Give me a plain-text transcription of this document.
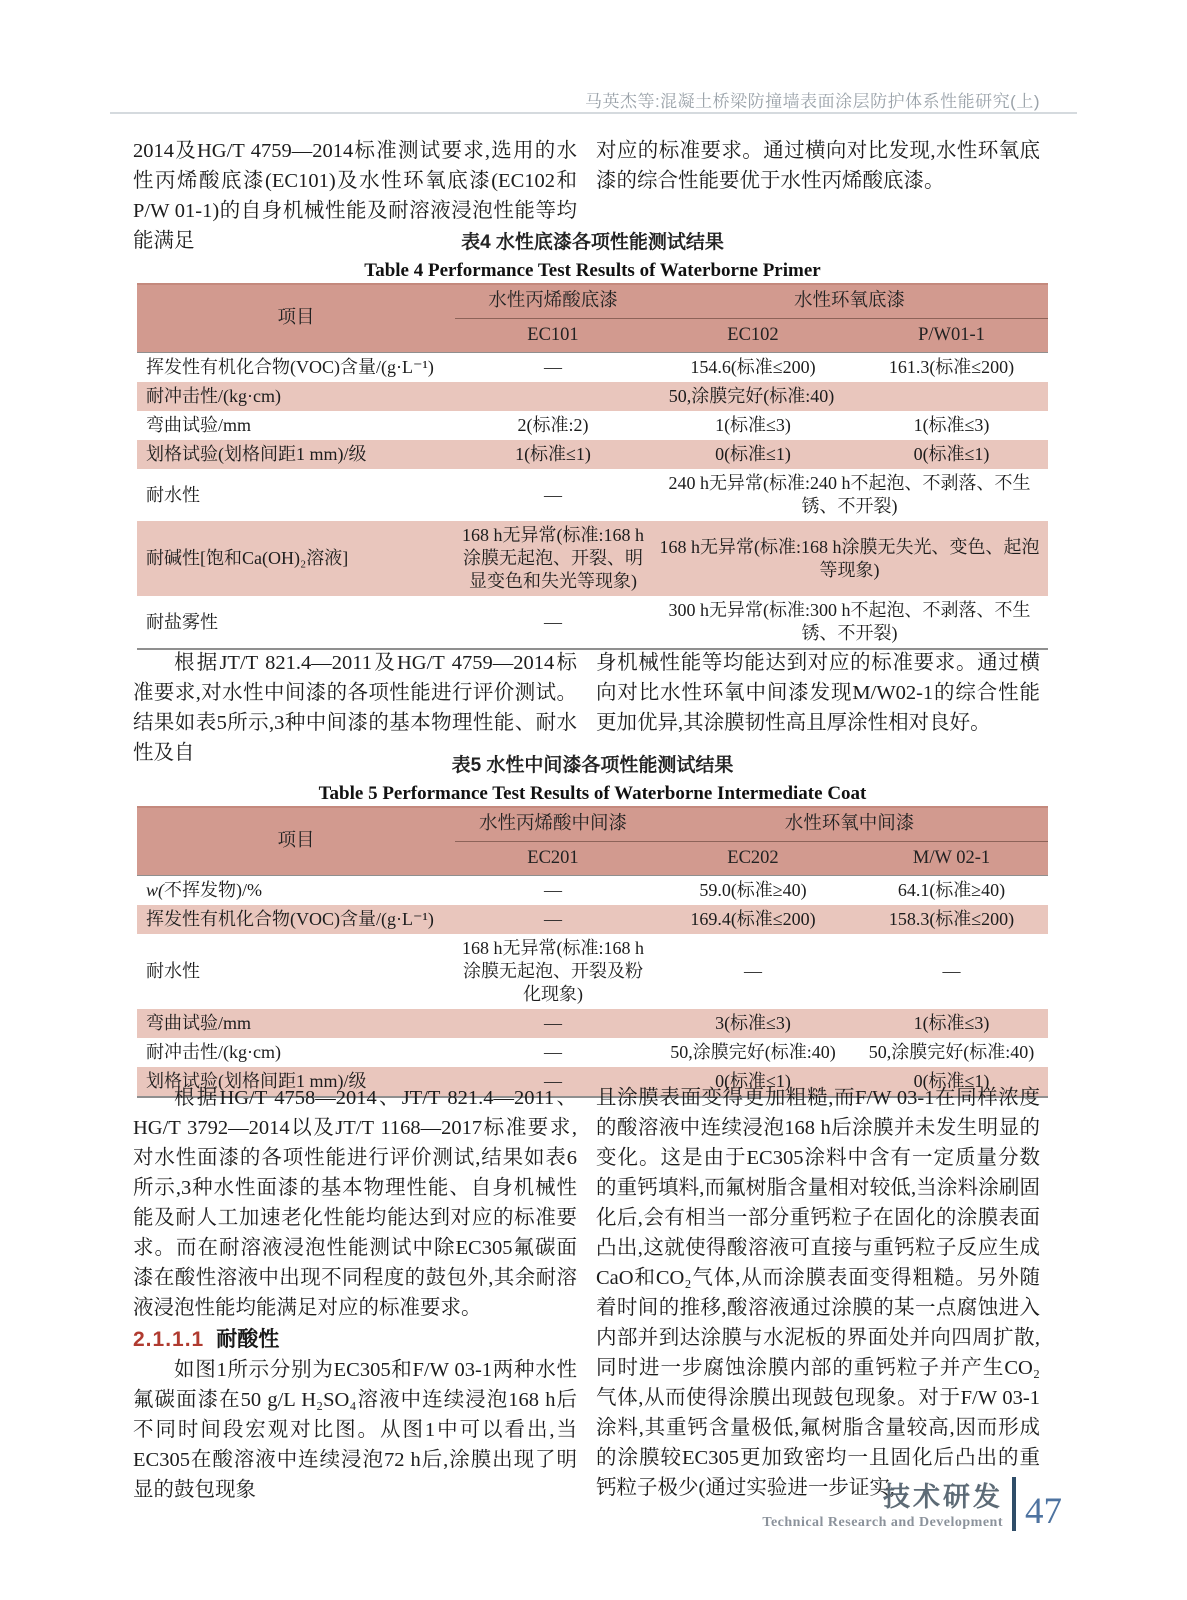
马英杰等:混凝土桥梁防撞墙表面涂层防护体系性能研究(上)

2014及HG/T 4759—2014标准测试要求,选用的水性丙烯酸底漆(EC101)及水性环氧底漆(EC102和P/W 01-1)的自身机械性能及耐溶液浸泡性能等均能满足

对应的标准要求。通过横向对比发现,水性环氧底漆的综合性能要优于水性丙烯酸底漆。

表4 水性底漆各项性能测试结果
Table 4 Performance Test Results of Waterborne Primer
项目	水性丙烯酸底漆	水性环氧底漆	
	EC101	EC102	P/W01-1
挥发性有机化合物(VOC)含量/(g·L⁻¹)	—	154.6(标准≤200)	161.3(标准≤200)
耐冲击性/(kg·cm)	50,涂膜完好(标准:40)		
弯曲试验/mm	2(标准:2)	1(标准≤3)	1(标准≤3)
划格试验(划格间距1 mm)/级	1(标准≤1)	0(标准≤1)	0(标准≤1)
耐水性	—	240 h无异常(标准:240 h不起泡、不剥落、不生锈、不开裂)	
耐碱性[饱和Ca(OH)₂溶液]	168 h无异常(标准:168 h涂膜无起泡、开裂、明显变色和失光等现象)	168 h无异常(标准:168 h涂膜无失光、变色、起泡等现象)	
耐盐雾性	—	300 h无异常(标准:300 h不起泡、不剥落、不生锈、不开裂)	

根据JT/T 821.4—2011及HG/T 4759—2014标准要求,对水性中间漆的各项性能进行评价测试。结果如表5所示,3种中间漆的基本物理性能、耐水性及自

身机械性能等均能达到对应的标准要求。通过横向对比水性环氧中间漆发现M/W02-1的综合性能更加优异,其涂膜韧性高且厚涂性相对良好。

表5 水性中间漆各项性能测试结果
Table 5 Performance Test Results of Waterborne Intermediate Coat
项目	水性丙烯酸中间漆	水性环氧中间漆	
	EC201	EC202	M/W 02-1
w(不挥发物)/%	—	59.0(标准≥40)	64.1(标准≥40)
挥发性有机化合物(VOC)含量/(g·L⁻¹)	—	169.4(标准≤200)	158.3(标准≤200)
耐水性	168 h无异常(标准:168 h涂膜无起泡、开裂及粉化现象)	—	—
弯曲试验/mm	—	3(标准≤3)	1(标准≤3)
耐冲击性/(kg·cm)	—	50,涂膜完好(标准:40)	50,涂膜完好(标准:40)
划格试验(划格间距1 mm)/级	—	0(标准≤1)	0(标准≤1)

根据HG/T 4758—2014、JT/T 821.4—2011、HG/T 3792—2014以及JT/T 1168—2017标准要求,对水性面漆的各项性能进行评价测试,结果如表6所示,3种水性面漆的基本物理性能、自身机械性能及耐人工加速老化性能均能达到对应的标准要求。而在耐溶液浸泡性能测试中除EC305氟碳面漆在酸性溶液中出现不同程度的鼓包外,其余耐溶液浸泡性能均能满足对应的标准要求。

2.1.1.1 耐酸性

如图1所示分别为EC305和F/W 03-1两种水性氟碳面漆在50 g/L H₂SO₄溶液中连续浸泡168 h后不同时间段宏观对比图。从图1中可以看出,当EC305在酸溶液中连续浸泡72 h后,涂膜出现了明显的鼓包现象

且涂膜表面变得更加粗糙,而F/W 03-1在同样浓度的酸溶液中连续浸泡168 h后涂膜并未发生明显的变化。这是由于EC305涂料中含有一定质量分数的重钙填料,而氟树脂含量相对较低,当涂料涂刷固化后,会有相当一部分重钙粒子在固化的涂膜表面凸出,这就使得酸溶液可直接与重钙粒子反应生成CaO和CO₂气体,从而涂膜表面变得粗糙。另外随着时间的推移,酸溶液通过涂膜的某一点腐蚀进入内部并到达涂膜与水泥板的界面处并向四周扩散,同时进一步腐蚀涂膜内部的重钙粒子并产生CO₂气体,从而使得涂膜出现鼓包现象。对于F/W 03-1涂料,其重钙含量极低,氟树脂含量较高,因而形成的涂膜较EC305更加致密均一且固化后凸出的重钙粒子极少(通过实验进一步证实,

技术研发
Technical Research and Development 47
